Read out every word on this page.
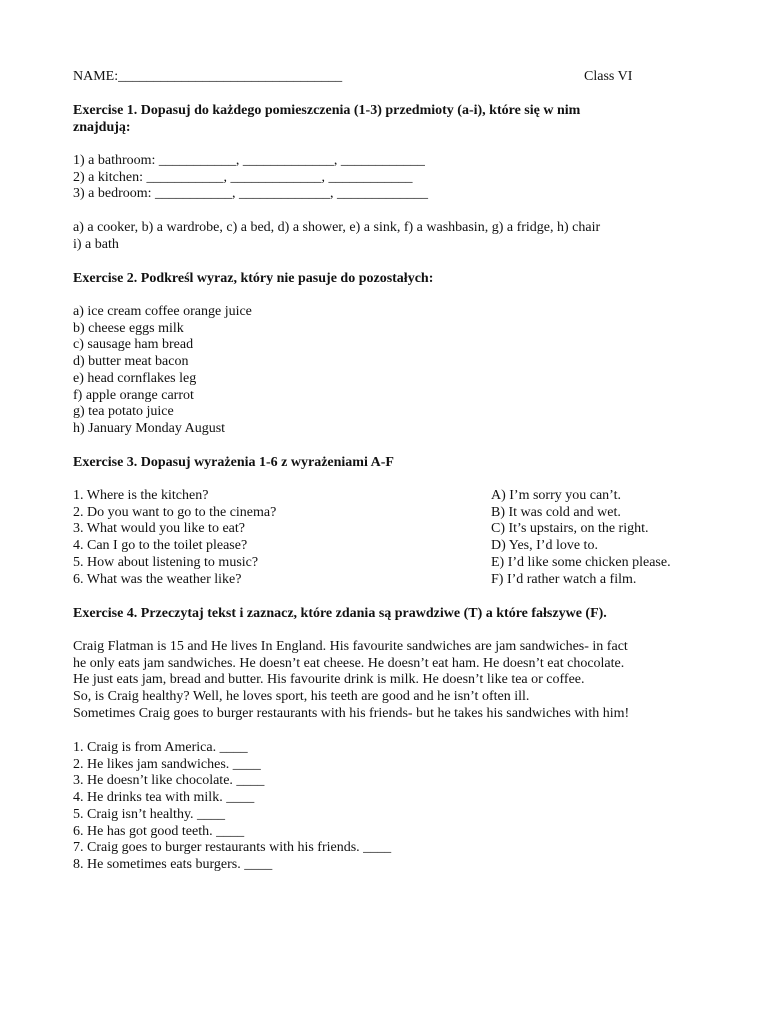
NAME:________________________________	Class VI
Exercise 1. Dopasuj do każdego pomieszczenia (1-3) przedmioty (a-i), które się w nim
znajdują:
1) a bathroom: ___________, _____________, ____________
2) a kitchen: ___________, _____________, ____________
3) a bedroom: ___________, _____________, _____________
a) a cooker, b) a wardrobe, c) a bed, d) a shower, e) a sink, f) a washbasin, g) a fridge, h) chair
i) a bath
Exercise 2. Podkreśl wyraz, który nie pasuje do pozostałych:
a) ice cream coffee orange juice
b) cheese eggs milk
c) sausage ham bread
d) butter meat bacon
e) head cornflakes leg
f) apple orange carrot
g) tea potato juice
h) January Monday August
Exercise 3. Dopasuj wyrażenia 1-6 z wyrażeniami A-F
1. Where is the kitchen?
2. Do you want to go to the cinema?
3. What would you like to eat?
4. Can I go to the toilet please?
5. How about listening to music?
6. What was the weather like?
A) I’m sorry you can’t.
B) It was cold and wet.
C) It’s upstairs, on the right.
D) Yes, I’d love to.
E) I’d like some chicken please.
F) I’d rather watch a film.
Exercise 4. Przeczytaj tekst i zaznacz, które zdania są prawdziwe (T) a które fałszywe (F).
Craig Flatman is 15 and He lives In England. His favourite sandwiches are jam sandwiches- in fact
he only eats jam sandwiches. He doesn’t eat cheese. He doesn’t eat ham. He doesn’t eat chocolate.
He just eats jam, bread and butter. His favourite drink is milk. He doesn’t like tea or coffee.
So, is Craig healthy? Well, he loves sport, his teeth are good and he isn’t often ill.
Sometimes Craig goes to burger restaurants with his friends- but he takes his sandwiches with him!
1. Craig is from America. ____
2. He likes jam sandwiches. ____
3. He doesn’t like chocolate. ____
4. He drinks tea with milk. ____
5. Craig isn’t healthy. ____
6. He has got good teeth. ____
7. Craig goes to burger restaurants with his friends. ____
8. He sometimes eats burgers. ____
